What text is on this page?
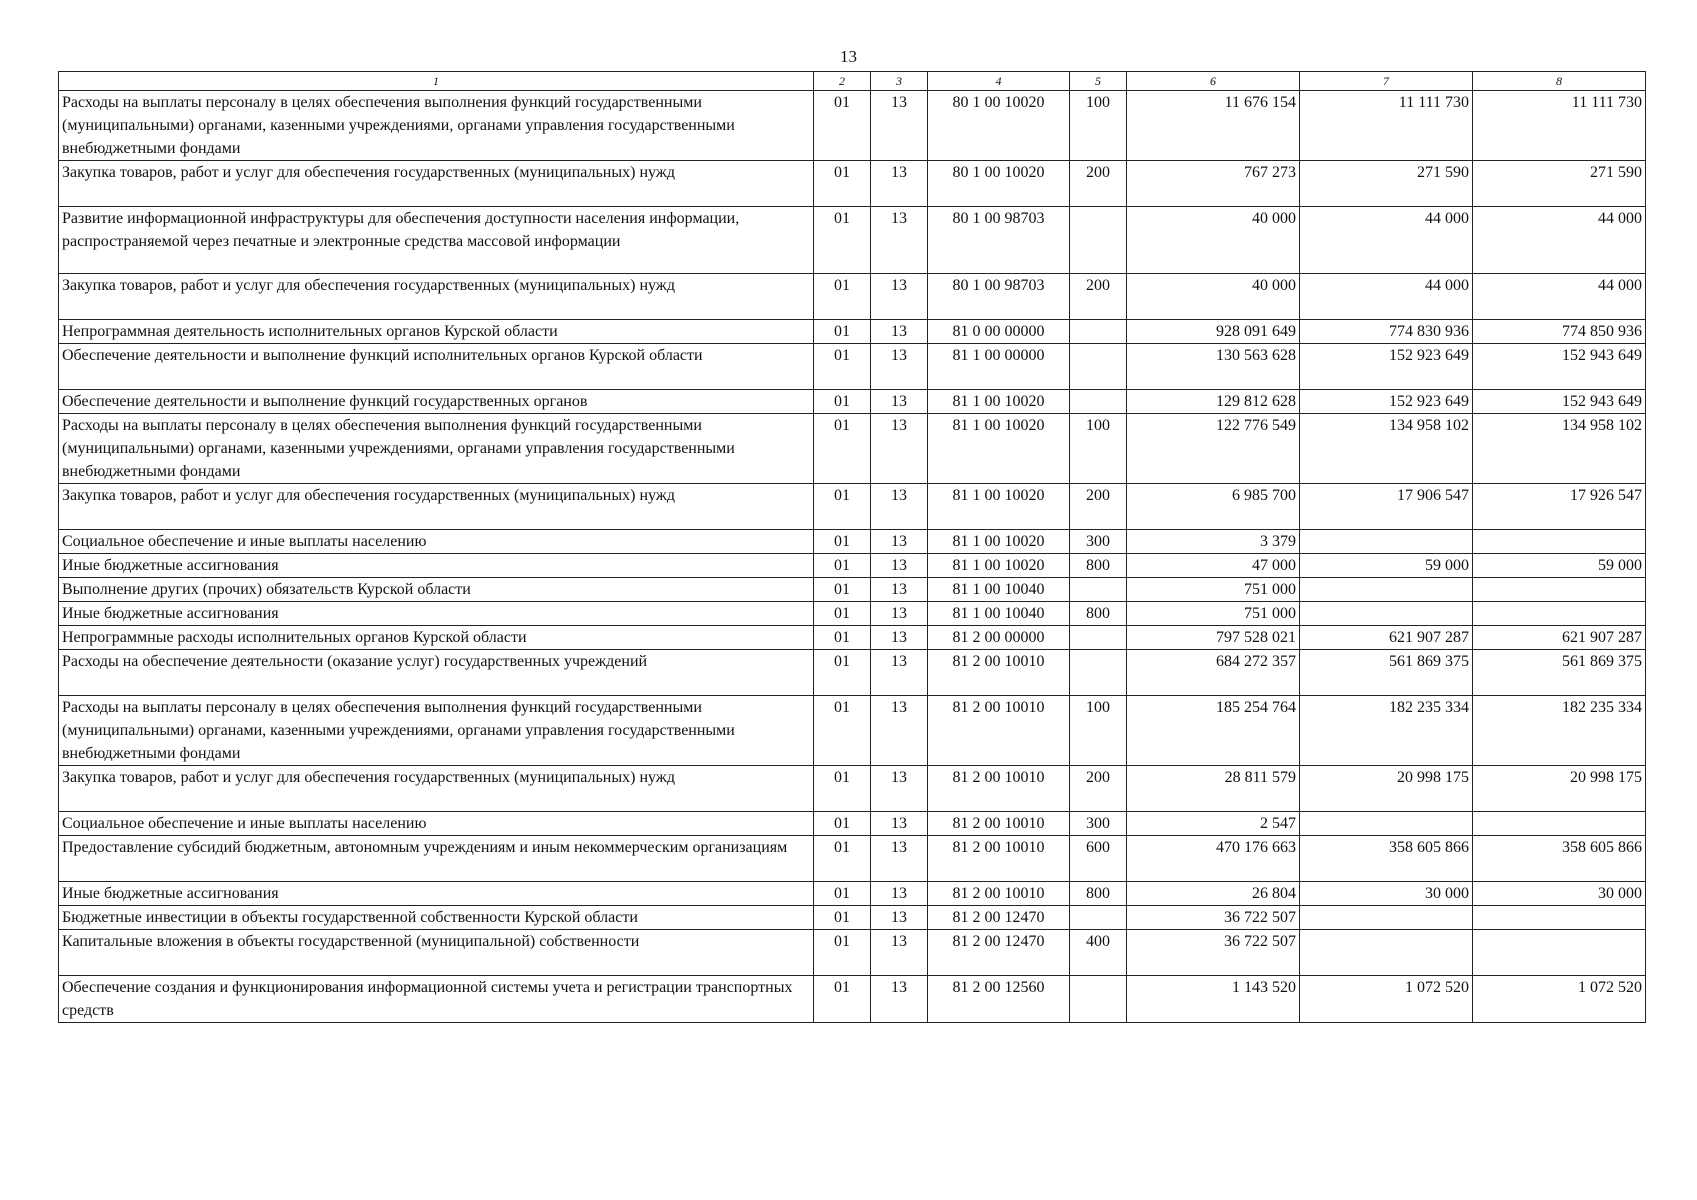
13
1	2	3	4	5	6	7	8
Расходы на выплаты персоналу в целях обеспечения выполнения функций государственными (муниципальными) органами, казенными учреждениями, органами управления государственными внебюджетными фондами	01	13	80 1 00 10020	100	11 676 154	11 111 730	11 111 730
Закупка товаров, работ и услуг для обеспечения государственных (муниципальных) нужд	01	13	80 1 00 10020	200	767 273	271 590	271 590
Развитие информационной инфраструктуры для обеспечения доступности населения информации, распространяемой через печатные и электронные средства массовой информации	01	13	80 1 00 98703		40 000	44 000	44 000
Закупка товаров, работ и услуг для обеспечения государственных (муниципальных) нужд	01	13	80 1 00 98703	200	40 000	44 000	44 000
Непрограммная деятельность исполнительных органов Курской области	01	13	81 0 00 00000		928 091 649	774 830 936	774 850 936
Обеспечение деятельности и выполнение функций исполнительных органов Курской области	01	13	81 1 00 00000		130 563 628	152 923 649	152 943 649
Обеспечение деятельности и выполнение функций государственных органов	01	13	81 1 00 10020		129 812 628	152 923 649	152 943 649
Расходы на выплаты персоналу в целях обеспечения выполнения функций государственными (муниципальными) органами, казенными учреждениями, органами управления государственными внебюджетными фондами	01	13	81 1 00 10020	100	122 776 549	134 958 102	134 958 102
Закупка товаров, работ и услуг для обеспечения государственных (муниципальных) нужд	01	13	81 1 00 10020	200	6 985 700	17 906 547	17 926 547
Социальное обеспечение и иные выплаты населению	01	13	81 1 00 10020	300	3 379		
Иные бюджетные ассигнования	01	13	81 1 00 10020	800	47 000	59 000	59 000
Выполнение других (прочих) обязательств Курской области	01	13	81 1 00 10040		751 000		
Иные бюджетные ассигнования	01	13	81 1 00 10040	800	751 000		
Непрограммные расходы исполнительных органов Курской области	01	13	81 2 00 00000		797 528 021	621 907 287	621 907 287
Расходы на обеспечение деятельности (оказание услуг) государственных учреждений	01	13	81 2 00 10010		684 272 357	561 869 375	561 869 375
Расходы на выплаты персоналу в целях обеспечения выполнения функций государственными (муниципальными) органами, казенными учреждениями, органами управления государственными внебюджетными фондами	01	13	81 2 00 10010	100	185 254 764	182 235 334	182 235 334
Закупка товаров, работ и услуг для обеспечения государственных (муниципальных) нужд	01	13	81 2 00 10010	200	28 811 579	20 998 175	20 998 175
Социальное обеспечение и иные выплаты населению	01	13	81 2 00 10010	300	2 547		
Предоставление субсидий бюджетным, автономным учреждениям и иным некоммерческим организациям	01	13	81 2 00 10010	600	470 176 663	358 605 866	358 605 866
Иные бюджетные ассигнования	01	13	81 2 00 10010	800	26 804	30 000	30 000
Бюджетные инвестиции в объекты государственной собственности Курской области	01	13	81 2 00 12470		36 722 507		
Капитальные вложения в объекты государственной (муниципальной) собственности	01	13	81 2 00 12470	400	36 722 507		
Обеспечение создания и функционирования информационной системы учета и регистрации транспортных средств	01	13	81 2 00 12560		1 143 520	1 072 520	1 072 520
